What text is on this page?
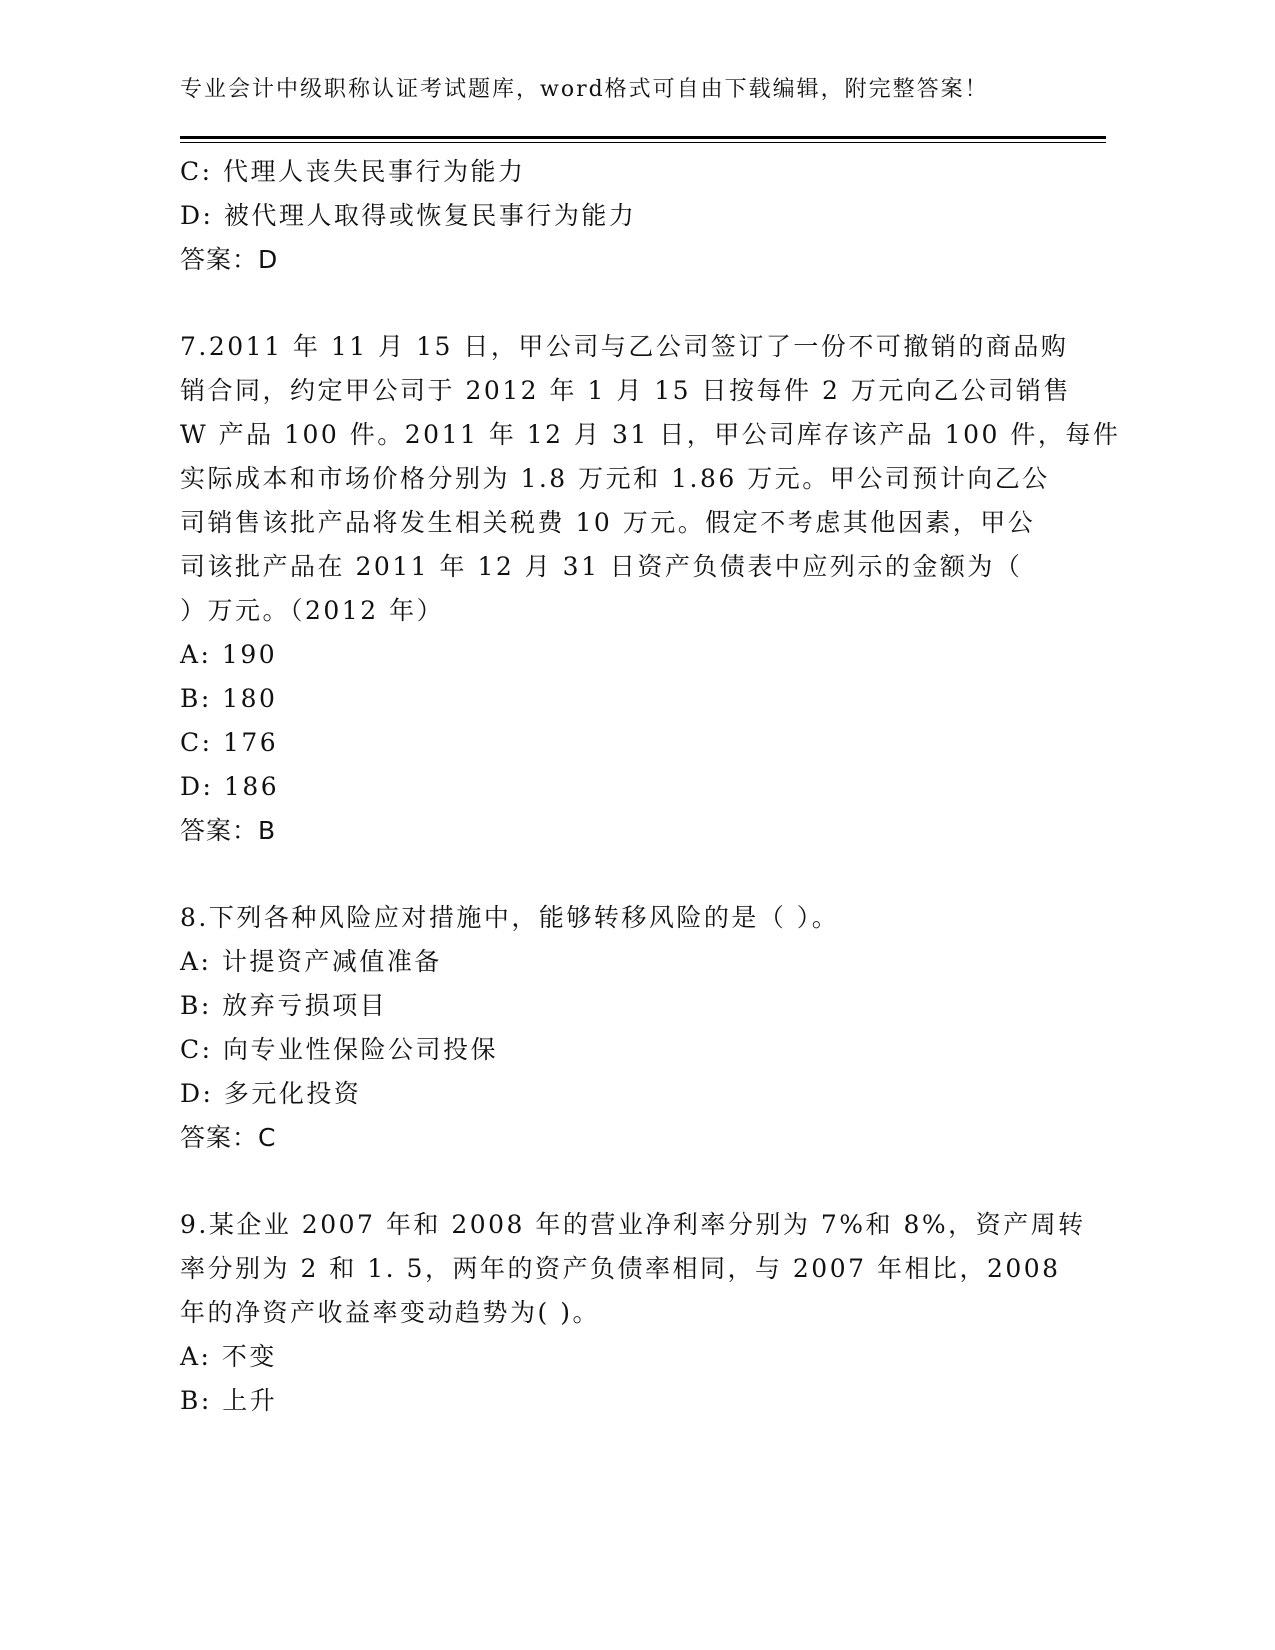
专业会计中级职称认证考试题库，word格式可自由下载编辑，附完整答案！
C: 代理人丧失民事行为能力
D: 被代理人取得或恢复民事行为能力
答案：D
7.2011 年 11 月 15 日，甲公司与乙公司签订了一份不可撤销的商品购
销合同，约定甲公司于 2012 年 1 月 15 日按每件 2 万元向乙公司销售
W 产品 100 件。2011 年 12 月 31 日，甲公司库存该产品 100 件，每件
实际成本和市场价格分别为 1.8 万元和 1.86 万元。甲公司预计向乙公
司销售该批产品将发生相关税费 10 万元。假定不考虑其他因素，甲公
司该批产品在 2011 年 12 月 31 日资产负债表中应列示的金额为（
）万元。（2012 年）
A: 190
B: 180
C: 176
D: 186
答案：B
8.下列各种风险应对措施中，能够转移风险的是（ ）。
A: 计提资产减值准备
B: 放弃亏损项目
C: 向专业性保险公司投保
D: 多元化投资
答案：C
9.某企业 2007 年和 2008 年的营业净利率分别为 7%和 8%，资产周转
率分别为 2 和 1. 5，两年的资产负债率相同，与 2007 年相比，2008
年的净资产收益率变动趋势为( )。
A: 不变
B: 上升
